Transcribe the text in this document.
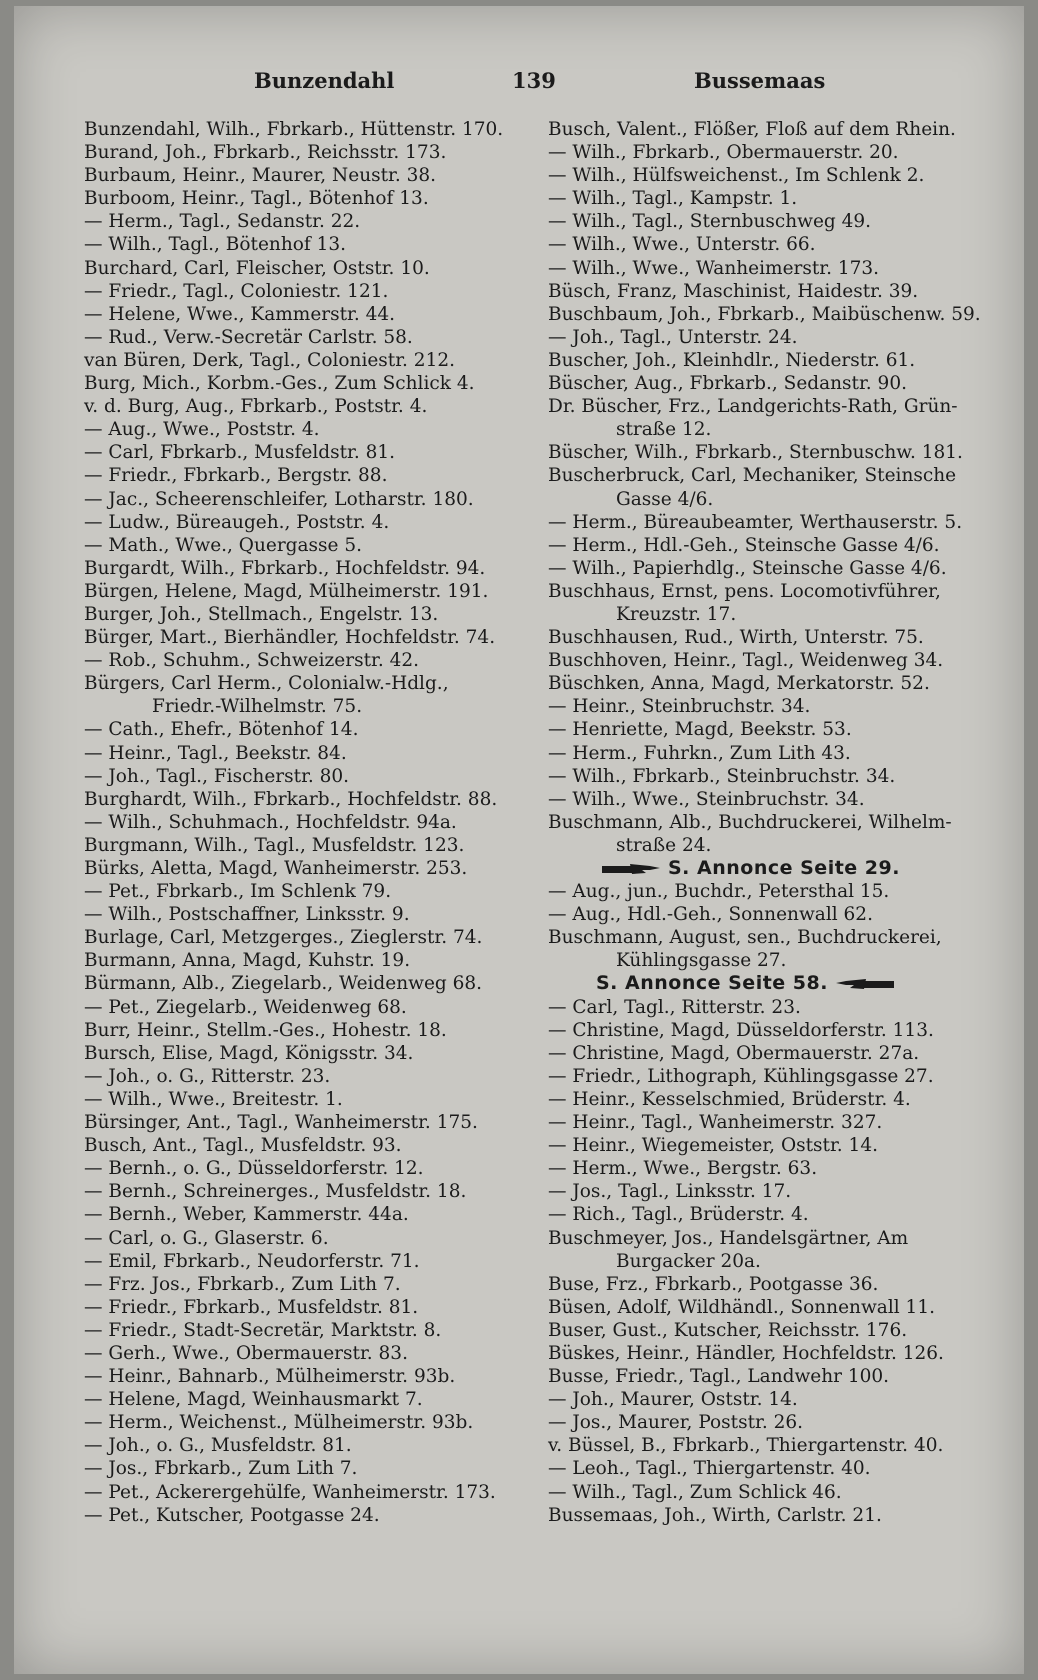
Bunzendahl	139	Bussemaas
Bunzendahl, Wilh., Fbrkarb., Hüttenstr. 170.
Burand, Joh., Fbrkarb., Reichsstr. 173.
Burbaum, Heinr., Maurer, Neustr. 38.
Burboom, Heinr., Tagl., Bötenhof 13.
— Herm., Tagl., Sedanstr. 22.
— Wilh., Tagl., Bötenhof 13.
Burchard, Carl, Fleischer, Oststr. 10.
— Friedr., Tagl., Coloniestr. 121.
— Helene, Wwe., Kammerstr. 44.
— Rud., Verw.-Secretär Carlstr. 58.
van Büren, Derk, Tagl., Coloniestr. 212.
Burg, Mich., Korbm.-Ges., Zum Schlick 4.
v. d. Burg, Aug., Fbrkarb., Poststr. 4.
— Aug., Wwe., Poststr. 4.
— Carl, Fbrkarb., Musfeldstr. 81.
— Friedr., Fbrkarb., Bergstr. 88.
— Jac., Scheerenschleifer, Lotharstr. 180.
— Ludw., Büreaugeh., Poststr. 4.
— Math., Wwe., Quergasse 5.
Burgardt, Wilh., Fbrkarb., Hochfeldstr. 94.
Bürgen, Helene, Magd, Mülheimerstr. 191.
Burger, Joh., Stellmach., Engelstr. 13.
Bürger, Mart., Bierhändler, Hochfeldstr. 74.
— Rob., Schuhm., Schweizerstr. 42.
Bürgers, Carl Herm., Colonialw.-Hdlg.,
Friedr.-Wilhelmstr. 75.
— Cath., Ehefr., Bötenhof 14.
— Heinr., Tagl., Beekstr. 84.
— Joh., Tagl., Fischerstr. 80.
Burghardt, Wilh., Fbrkarb., Hochfeldstr. 88.
— Wilh., Schuhmach., Hochfeldstr. 94a.
Burgmann, Wilh., Tagl., Musfeldstr. 123.
Bürks, Aletta, Magd, Wanheimerstr. 253.
— Pet., Fbrkarb., Im Schlenk 79.
— Wilh., Postschaffner, Linksstr. 9.
Burlage, Carl, Metzgerges., Zieglerstr. 74.
Burmann, Anna, Magd, Kuhstr. 19.
Bürmann, Alb., Ziegelarb., Weidenweg 68.
— Pet., Ziegelarb., Weidenweg 68.
Burr, Heinr., Stellm.-Ges., Hohestr. 18.
Bursch, Elise, Magd, Königsstr. 34.
— Joh., o. G., Ritterstr. 23.
— Wilh., Wwe., Breitestr. 1.
Bürsinger, Ant., Tagl., Wanheimerstr. 175.
Busch, Ant., Tagl., Musfeldstr. 93.
— Bernh., o. G., Düsseldorferstr. 12.
— Bernh., Schreinerges., Musfeldstr. 18.
— Bernh., Weber, Kammerstr. 44a.
— Carl, o. G., Glaserstr. 6.
— Emil, Fbrkarb., Neudorferstr. 71.
— Frz. Jos., Fbrkarb., Zum Lith 7.
— Friedr., Fbrkarb., Musfeldstr. 81.
— Friedr., Stadt-Secretär, Marktstr. 8.
— Gerh., Wwe., Obermauerstr. 83.
— Heinr., Bahnarb., Mülheimerstr. 93b.
— Helene, Magd, Weinhausmarkt 7.
— Herm., Weichenst., Mülheimerstr. 93b.
— Joh., o. G., Musfeldstr. 81.
— Jos., Fbrkarb., Zum Lith 7.
— Pet., Ackerergehülfe, Wanheimerstr. 173.
— Pet., Kutscher, Pootgasse 24.
Busch, Valent., Flößer, Floß auf dem Rhein.
— Wilh., Fbrkarb., Obermauerstr. 20.
— Wilh., Hülfsweichenst., Im Schlenk 2.
— Wilh., Tagl., Kampstr. 1.
— Wilh., Tagl., Sternbuschweg 49.
— Wilh., Wwe., Unterstr. 66.
— Wilh., Wwe., Wanheimerstr. 173.
Büsch, Franz, Maschinist, Haidestr. 39.
Buschbaum, Joh., Fbrkarb., Maibüschenw. 59.
— Joh., Tagl., Unterstr. 24.
Buscher, Joh., Kleinhdlr., Niederstr. 61.
Büscher, Aug., Fbrkarb., Sedanstr. 90.
Dr. Büscher, Frz., Landgerichts-Rath, Grün-
straße 12.
Büscher, Wilh., Fbrkarb., Sternbuschw. 181.
Buscherbruck, Carl, Mechaniker, Steinsche
Gasse 4/6.
— Herm., Büreaubeamter, Werthauserstr. 5.
— Herm., Hdl.-Geh., Steinsche Gasse 4/6.
— Wilh., Papierhdlg., Steinsche Gasse 4/6.
Buschhaus, Ernst, pens. Locomotivführer,
Kreuzstr. 17.
Buschhausen, Rud., Wirth, Unterstr. 75.
Buschhoven, Heinr., Tagl., Weidenweg 34.
Büschken, Anna, Magd, Merkatorstr. 52.
— Heinr., Steinbruchstr. 34.
— Henriette, Magd, Beekstr. 53.
— Herm., Fuhrkn., Zum Lith 43.
— Wilh., Fbrkarb., Steinbruchstr. 34.
— Wilh., Wwe., Steinbruchstr. 34.
Buschmann, Alb., Buchdruckerei, Wilhelm-
straße 24.
S. Annonce Seite 29.
— Aug., jun., Buchdr., Petersthal 15.
— Aug., Hdl.-Geh., Sonnenwall 62.
Buschmann, August, sen., Buchdruckerei,
Kühlingsgasse 27.
S. Annonce Seite 58.
— Carl, Tagl., Ritterstr. 23.
— Christine, Magd, Düsseldorferstr. 113.
— Christine, Magd, Obermauerstr. 27a.
— Friedr., Lithograph, Kühlingsgasse 27.
— Heinr., Kesselschmied, Brüderstr. 4.
— Heinr., Tagl., Wanheimerstr. 327.
— Heinr., Wiegemeister, Oststr. 14.
— Herm., Wwe., Bergstr. 63.
— Jos., Tagl., Linksstr. 17.
— Rich., Tagl., Brüderstr. 4.
Buschmeyer, Jos., Handelsgärtner, Am
Burgacker 20a.
Buse, Frz., Fbrkarb., Pootgasse 36.
Büsen, Adolf, Wildhändl., Sonnenwall 11.
Buser, Gust., Kutscher, Reichsstr. 176.
Büskes, Heinr., Händler, Hochfeldstr. 126.
Busse, Friedr., Tagl., Landwehr 100.
— Joh., Maurer, Oststr. 14.
— Jos., Maurer, Poststr. 26.
v. Büssel, B., Fbrkarb., Thiergartenstr. 40.
— Leoh., Tagl., Thiergartenstr. 40.
— Wilh., Tagl., Zum Schlick 46.
Bussemaas, Joh., Wirth, Carlstr. 21.
